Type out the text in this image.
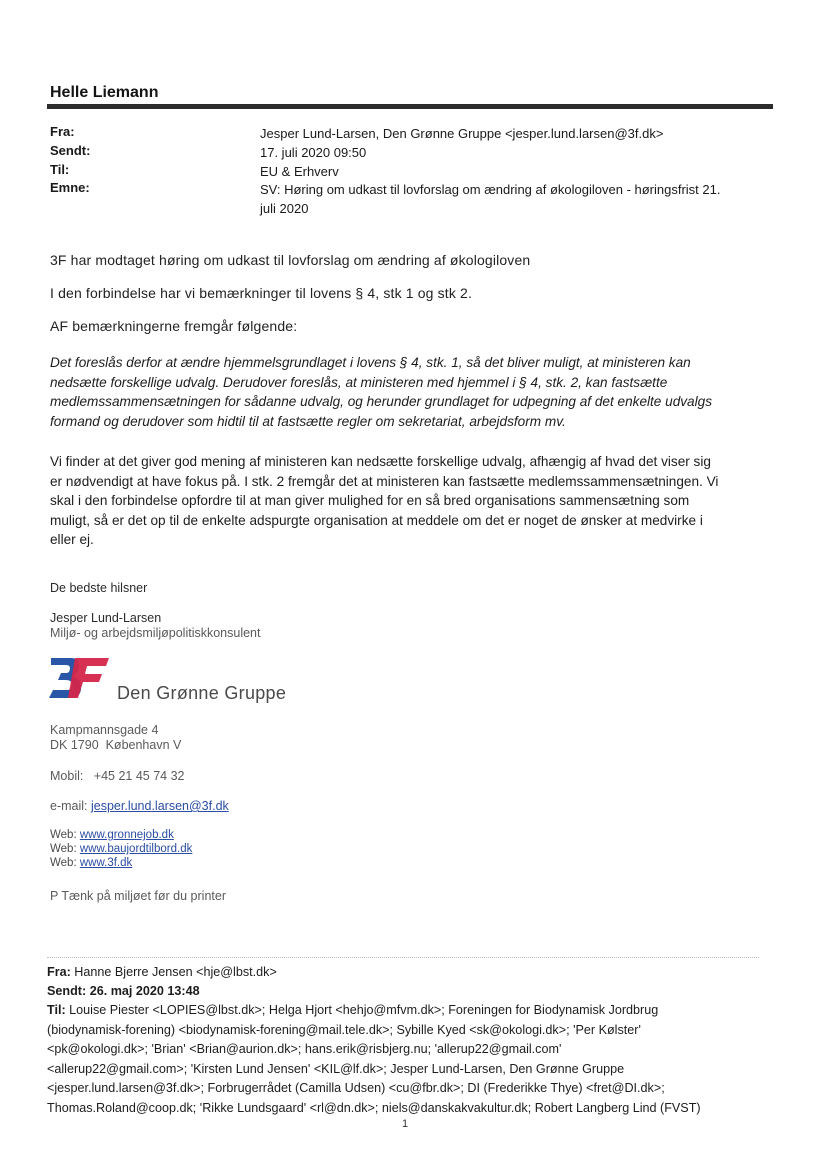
Helle Liemann
Fra:	Jesper Lund-Larsen, Den Grønne Gruppe <jesper.lund.larsen@3f.dk>
Sendt:	17. juli 2020 09:50
Til:	EU & Erhverv
Emne:	SV: Høring om udkast til lovforslag om ændring af økologiloven - høringsfrist 21.
juli 2020
3F har modtaget høring om udkast til lovforslag om ændring af økologiloven
I den forbindelse har vi bemærkninger til lovens § 4, stk 1 og stk 2.
AF bemærkningerne fremgår følgende:
Det foreslås derfor at ændre hjemmelsgrundlaget i lovens § 4, stk. 1, så det bliver muligt, at ministeren kan
nedsætte forskellige udvalg. Derudover foreslås, at ministeren med hjemmel i § 4, stk. 2, kan fastsætte
medlemssammensætningen for sådanne udvalg, og herunder grundlaget for udpegning af det enkelte udvalgs
formand og derudover som hidtil til at fastsætte regler om sekretariat, arbejdsform mv.
Vi finder at det giver god mening af ministeren kan nedsætte forskellige udvalg, afhængig af hvad det viser sig
er nødvendigt at have fokus på. I stk. 2 fremgår det at ministeren kan fastsætte medlemssammensætningen. Vi
skal i den forbindelse opfordre til at man giver mulighed for en så bred organisations sammensætning som
muligt, så er det op til de enkelte adspurgte organisation at meddele om det er noget de ønsker at medvirke i
eller ej.
De bedste hilsner
Jesper Lund-Larsen
Miljø- og arbejdsmiljøpolitiskkonsulent
Den Grønne Gruppe
Kampmannsgade 4
DK 1790  København V
Mobil: +45 21 45 74 32
e-mail: jesper.lund.larsen@3f.dk
Web: www.gronnejob.dk
Web: www.baujordtilbord.dk
Web: www.3f.dk
P Tænk på miljøet før du printer
Fra: Hanne Bjerre Jensen <hje@lbst.dk>
Sendt: 26. maj 2020 13:48
Til: Louise Piester <LOPIES@lbst.dk>; Helga Hjort <hehjo@mfvm.dk>; Foreningen for Biodynamisk Jordbrug
(biodynamisk-forening) <biodynamisk-forening@mail.tele.dk>; Sybille Kyed <sk@okologi.dk>; 'Per Kølster'
<pk@okologi.dk>; 'Brian' <Brian@aurion.dk>; hans.erik@risbjerg.nu; 'allerup22@gmail.com'
<allerup22@gmail.com>; 'Kirsten Lund Jensen' <KIL@lf.dk>; Jesper Lund-Larsen, Den Grønne Gruppe
<jesper.lund.larsen@3f.dk>; Forbrugerrådet (Camilla Udsen) <cu@fbr.dk>; DI (Frederikke Thye) <fret@DI.dk>;
Thomas.Roland@coop.dk; 'Rikke Lundsgaard' <rl@dn.dk>; niels@danskakvakultur.dk; Robert Langberg Lind (FVST)
1
